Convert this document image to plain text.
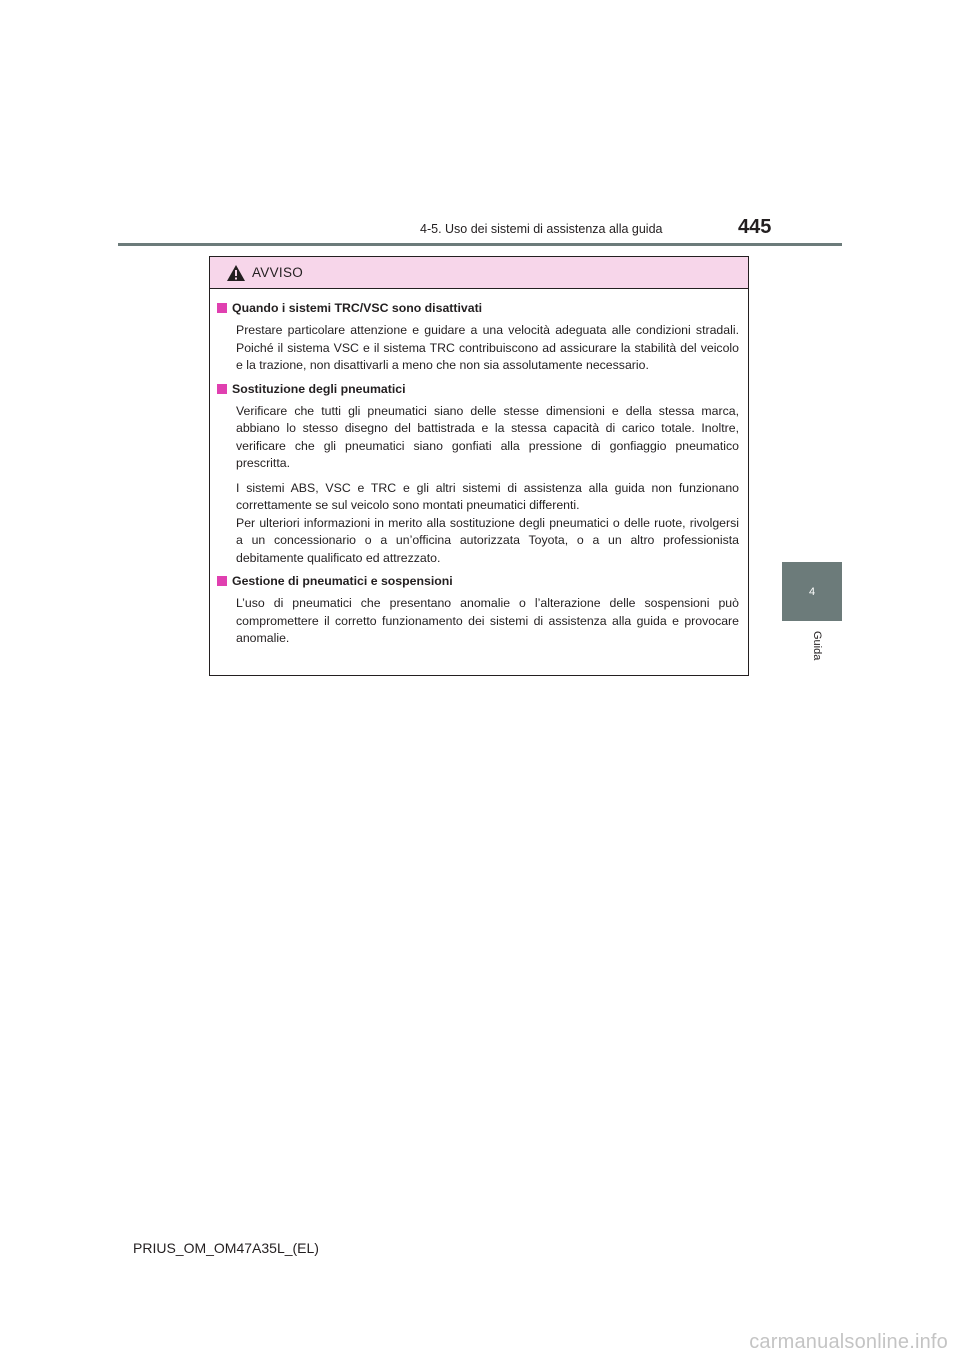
4-5. Uso dei sistemi di assistenza alla guida	445
4
Guida
AVVISO
Quando i sistemi TRC/VSC sono disattivati

Prestare particolare attenzione e guidare a una velocità adeguata alle condizioni stradali. Poiché il sistema VSC e il sistema TRC contribuiscono ad assicurare la stabilità del veicolo e la trazione, non disattivarli a meno che non sia assolutamente necessario.

Sostituzione degli pneumatici

Verificare che tutti gli pneumatici siano delle stesse dimensioni e della stessa marca, abbiano lo stesso disegno del battistrada e la stessa capacità di carico totale. Inoltre, verificare che gli pneumatici siano gonfiati alla pressione di gonfiaggio pneumatico prescritta.

I sistemi ABS, VSC e TRC e gli altri sistemi di assistenza alla guida non funzionano correttamente se sul veicolo sono montati pneumatici differenti.

Per ulteriori informazioni in merito alla sostituzione degli pneumatici o delle ruote, rivolgersi a un concessionario o a un’officina autorizzata Toyota, o a un altro professionista debitamente qualificato ed attrezzato.

Gestione di pneumatici e sospensioni

L’uso di pneumatici che presentano anomalie o l’alterazione delle sospensioni può compromettere il corretto funzionamento dei sistemi di assistenza alla guida e provocare anomalie.

PRIUS_OM_OM47A35L_(EL)
carmanualsonline.info
